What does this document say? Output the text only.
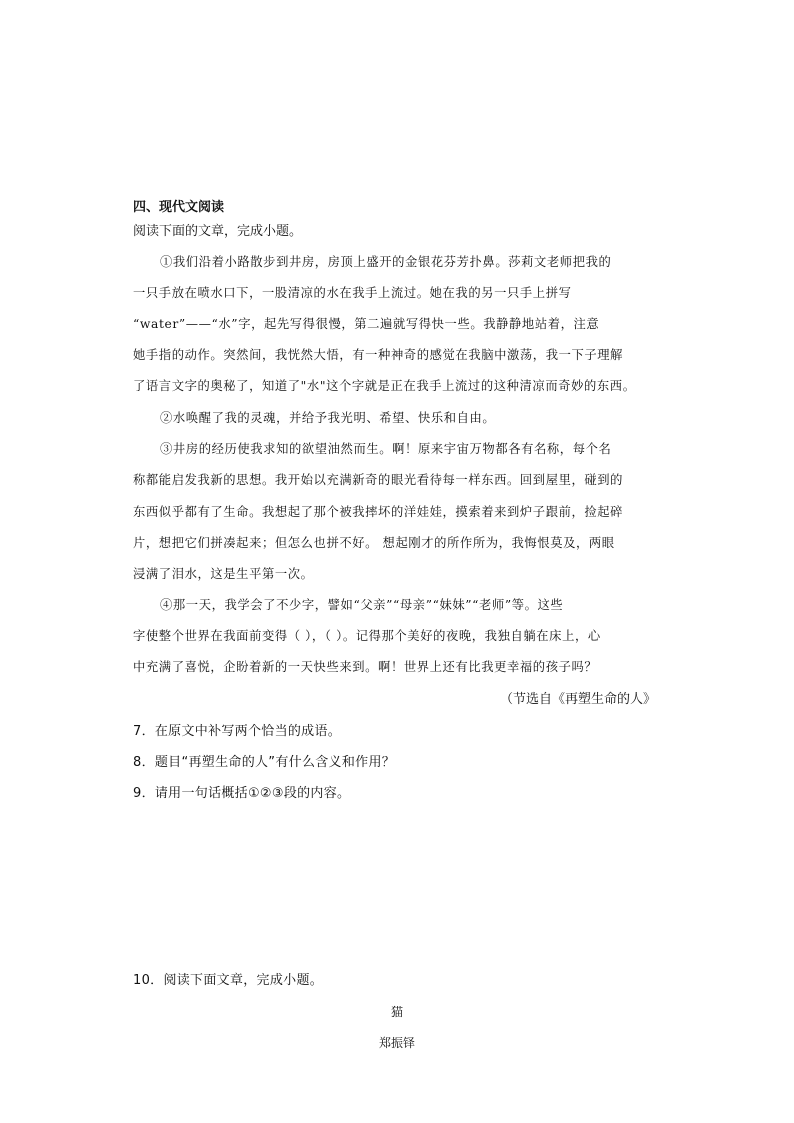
四、现代文阅读
阅读下面的文章，完成小题。
①我们沿着小路散步到井房，房顶上盛开的金银花芬芳扑鼻。莎莉文老师把我的
一只手放在喷水口下，一股清凉的水在我手上流过。她在我的另一只手上拼写
“water”——“水”字，起先写得很慢，第二遍就写得快一些。我静静地站着，注意
她手指的动作。突然间，我恍然大悟，有一种神奇的感觉在我脑中激荡，我一下子理解
了语言文字的奥秘了，知道了"水"这个字就是正在我手上流过的这种清凉而奇妙的东西。
②水唤醒了我的灵魂，并给予我光明、希望、快乐和自由。
③井房的经历使我求知的欲望油然而生。啊！原来宇宙万物都各有名称，每个名
称都能启发我新的思想。我开始以充满新奇的眼光看待每一样东西。回到屋里，碰到的
东西似乎都有了生命。我想起了那个被我摔坏的洋娃娃，摸索着来到炉子跟前，捡起碎
片，想把它们拼凑起来；但怎么也拼不好。 想起刚才的所作所为，我悔恨莫及，两眼
浸满了泪水，这是生平第一次。
④那一天，我学会了不少字，譬如“父亲”“母亲”“妹妹”“老师”等。这些
字使整个世界在我面前变得（ ），（ ）。记得那个美好的夜晚，我独自躺在床上，心
中充满了喜悦，企盼着新的一天快些来到。啊！世界上还有比我更幸福的孩子吗？
（节选自《再塑生命的人》
7．在原文中补写两个恰当的成语。
8．题目“再塑生命的人”有什么含义和作用？
9．请用一句话概括①②③段的内容。
10．阅读下面文章，完成小题。
猫
郑振铎
